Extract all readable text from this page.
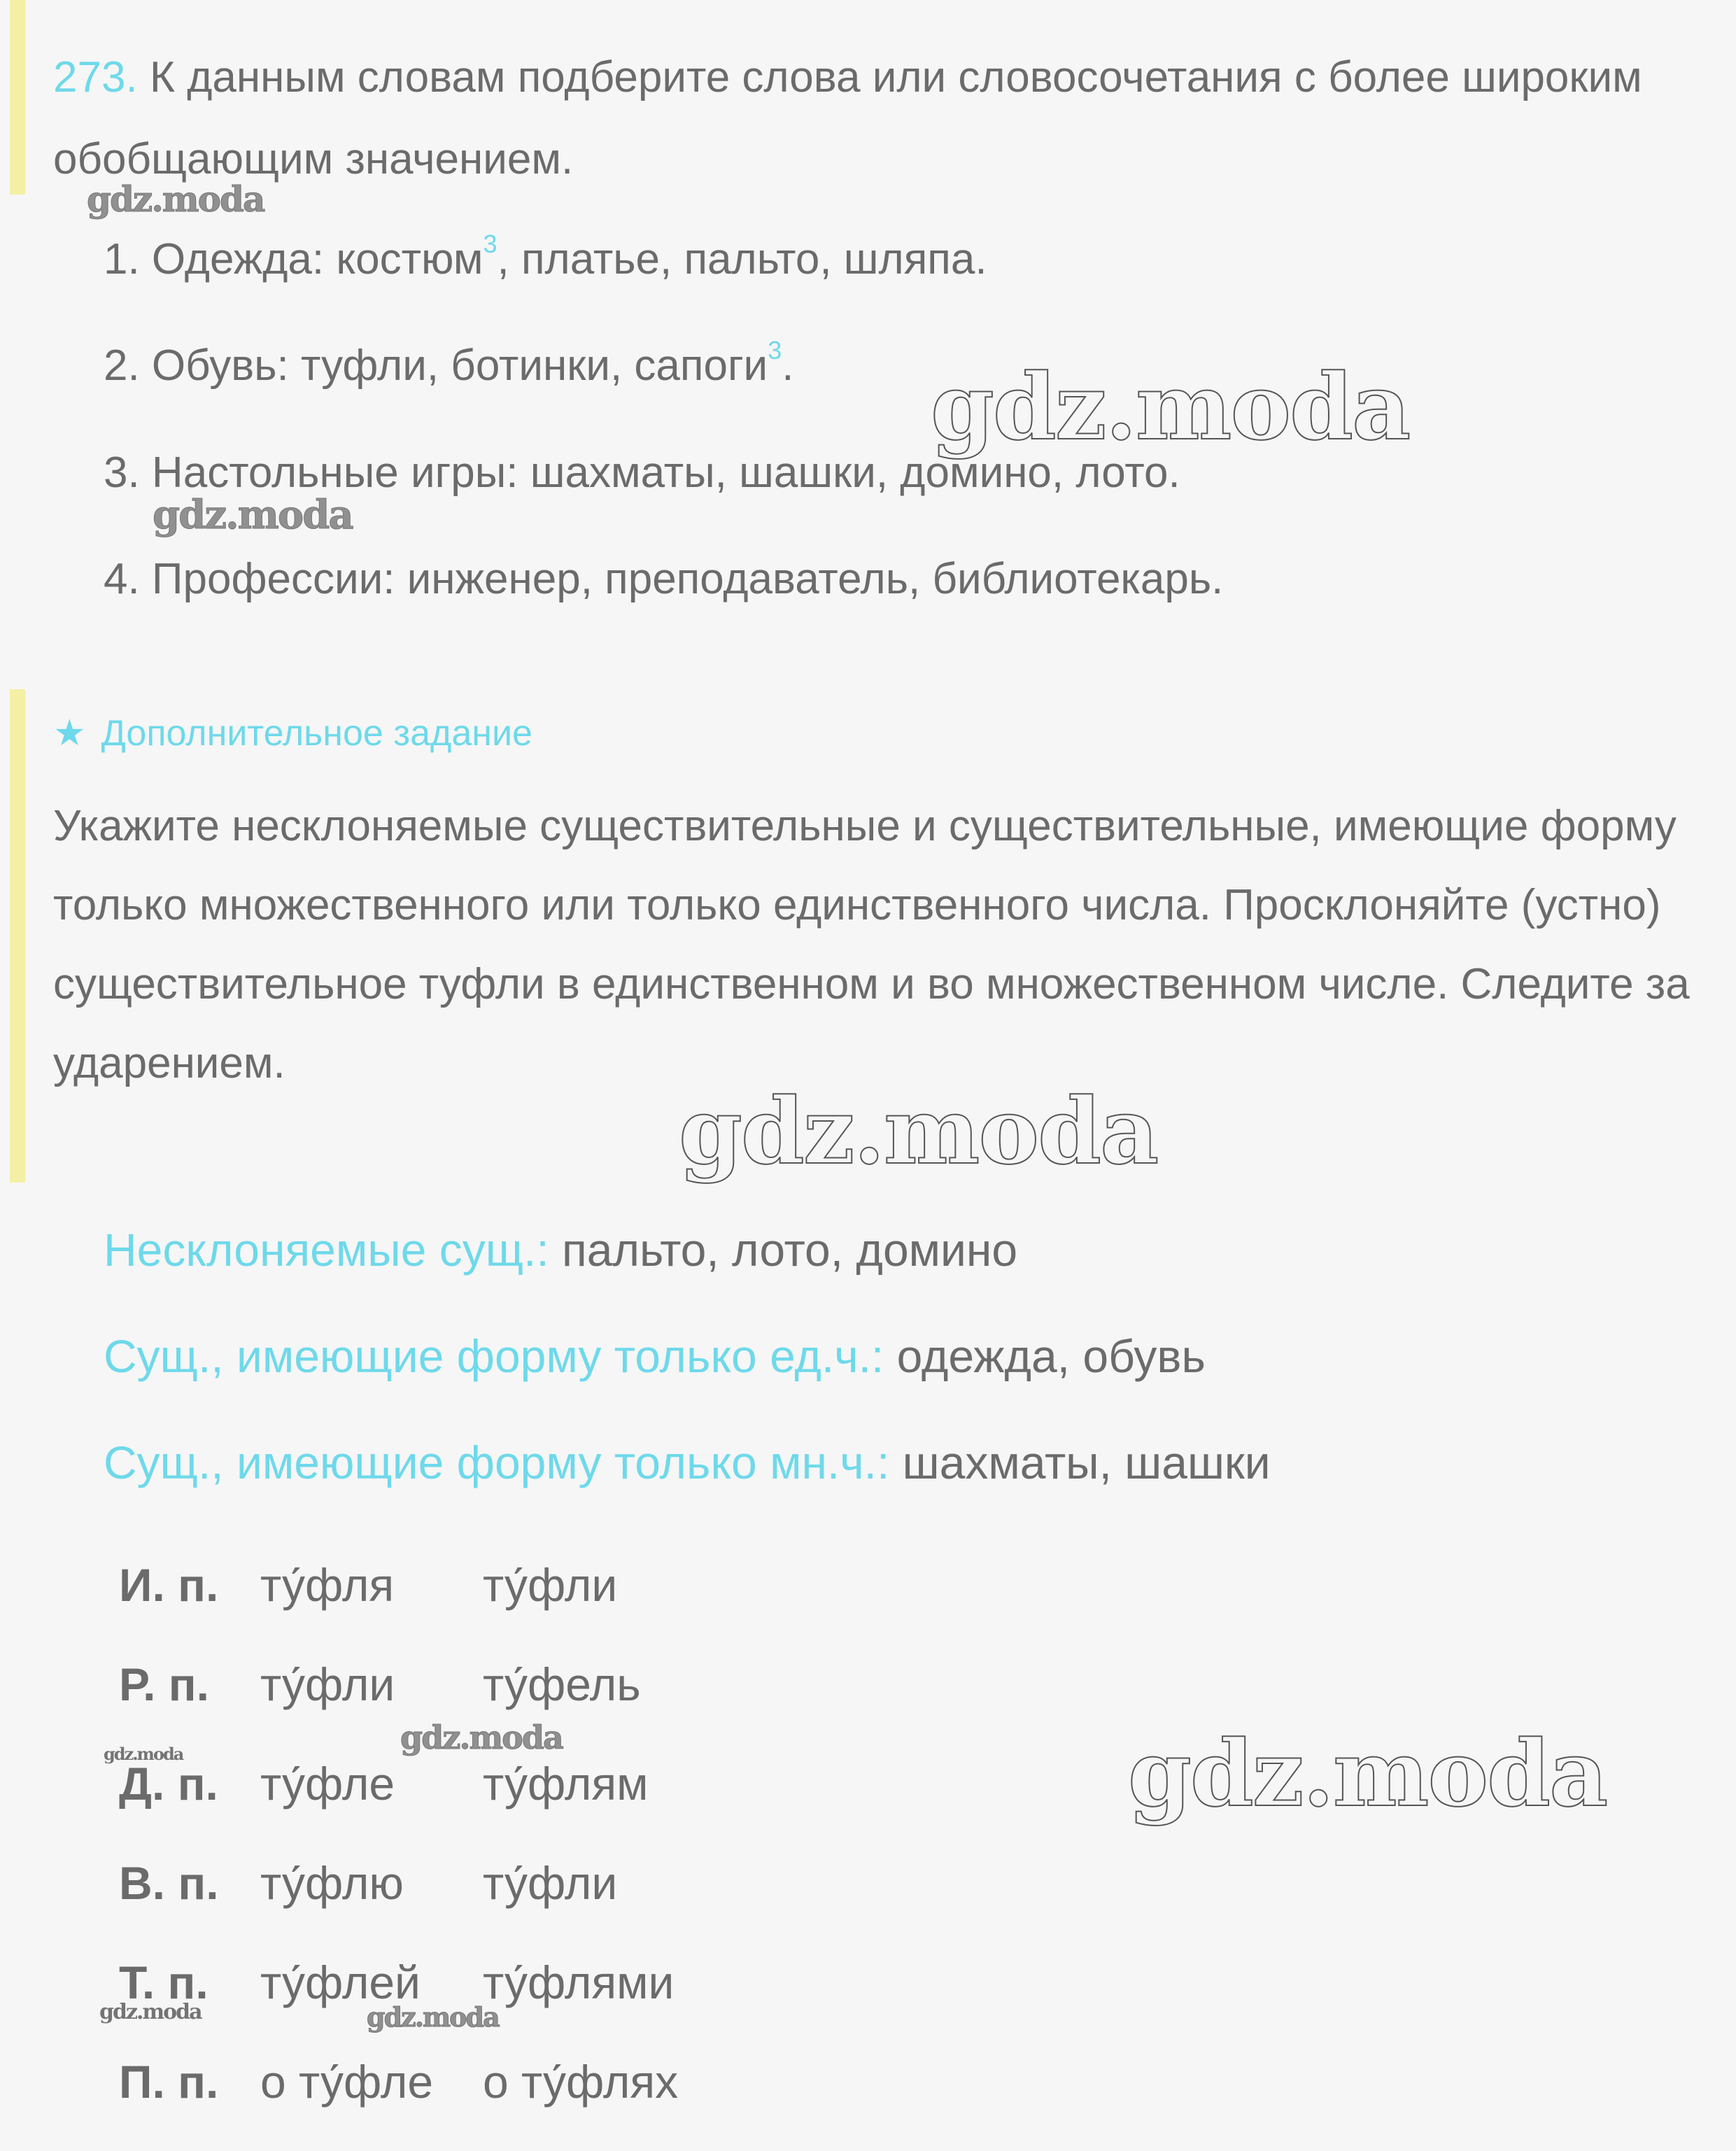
273. К данным словам подберите слова или словосочетания с более широким обобщающим значением.

1. Одежда: костюм$^3$, платье, пальто, шляпа.
2. Обувь: туфли, ботинки, сапоги$^3$.
3. Настольные игры: шахматы, шашки, домино, лото.
4. Профессии: инженер, преподаватель, библиотекарь.
★ Дополнительное задание

Укажите несклоняемые существительные и существительные, имеющие форму только множественного или только единственного числа. Просклоняйте (устно) существительное туфли в единственном и во множественном числе. Следите за ударением.

Несклоняемые сущ.: пальто, лото, домино
Сущ., имеющие форму только ед.ч.: одежда, обувь
Сущ., имеющие форму только мн.ч.: шахматы, шашки
И. п. ту́фля ту́фли
Р. п. ту́фли ту́фель
Д. п. ту́фле ту́флям
В. п. ту́флю ту́фли
Т. п. ту́флей ту́флями
П. п. о ту́фле о ту́флях
gdz.moda
gdz.moda
gdz.moda
gdz.moda
gdz.moda	gdz.moda	gdz.moda
gdz.moda	gdz.moda
